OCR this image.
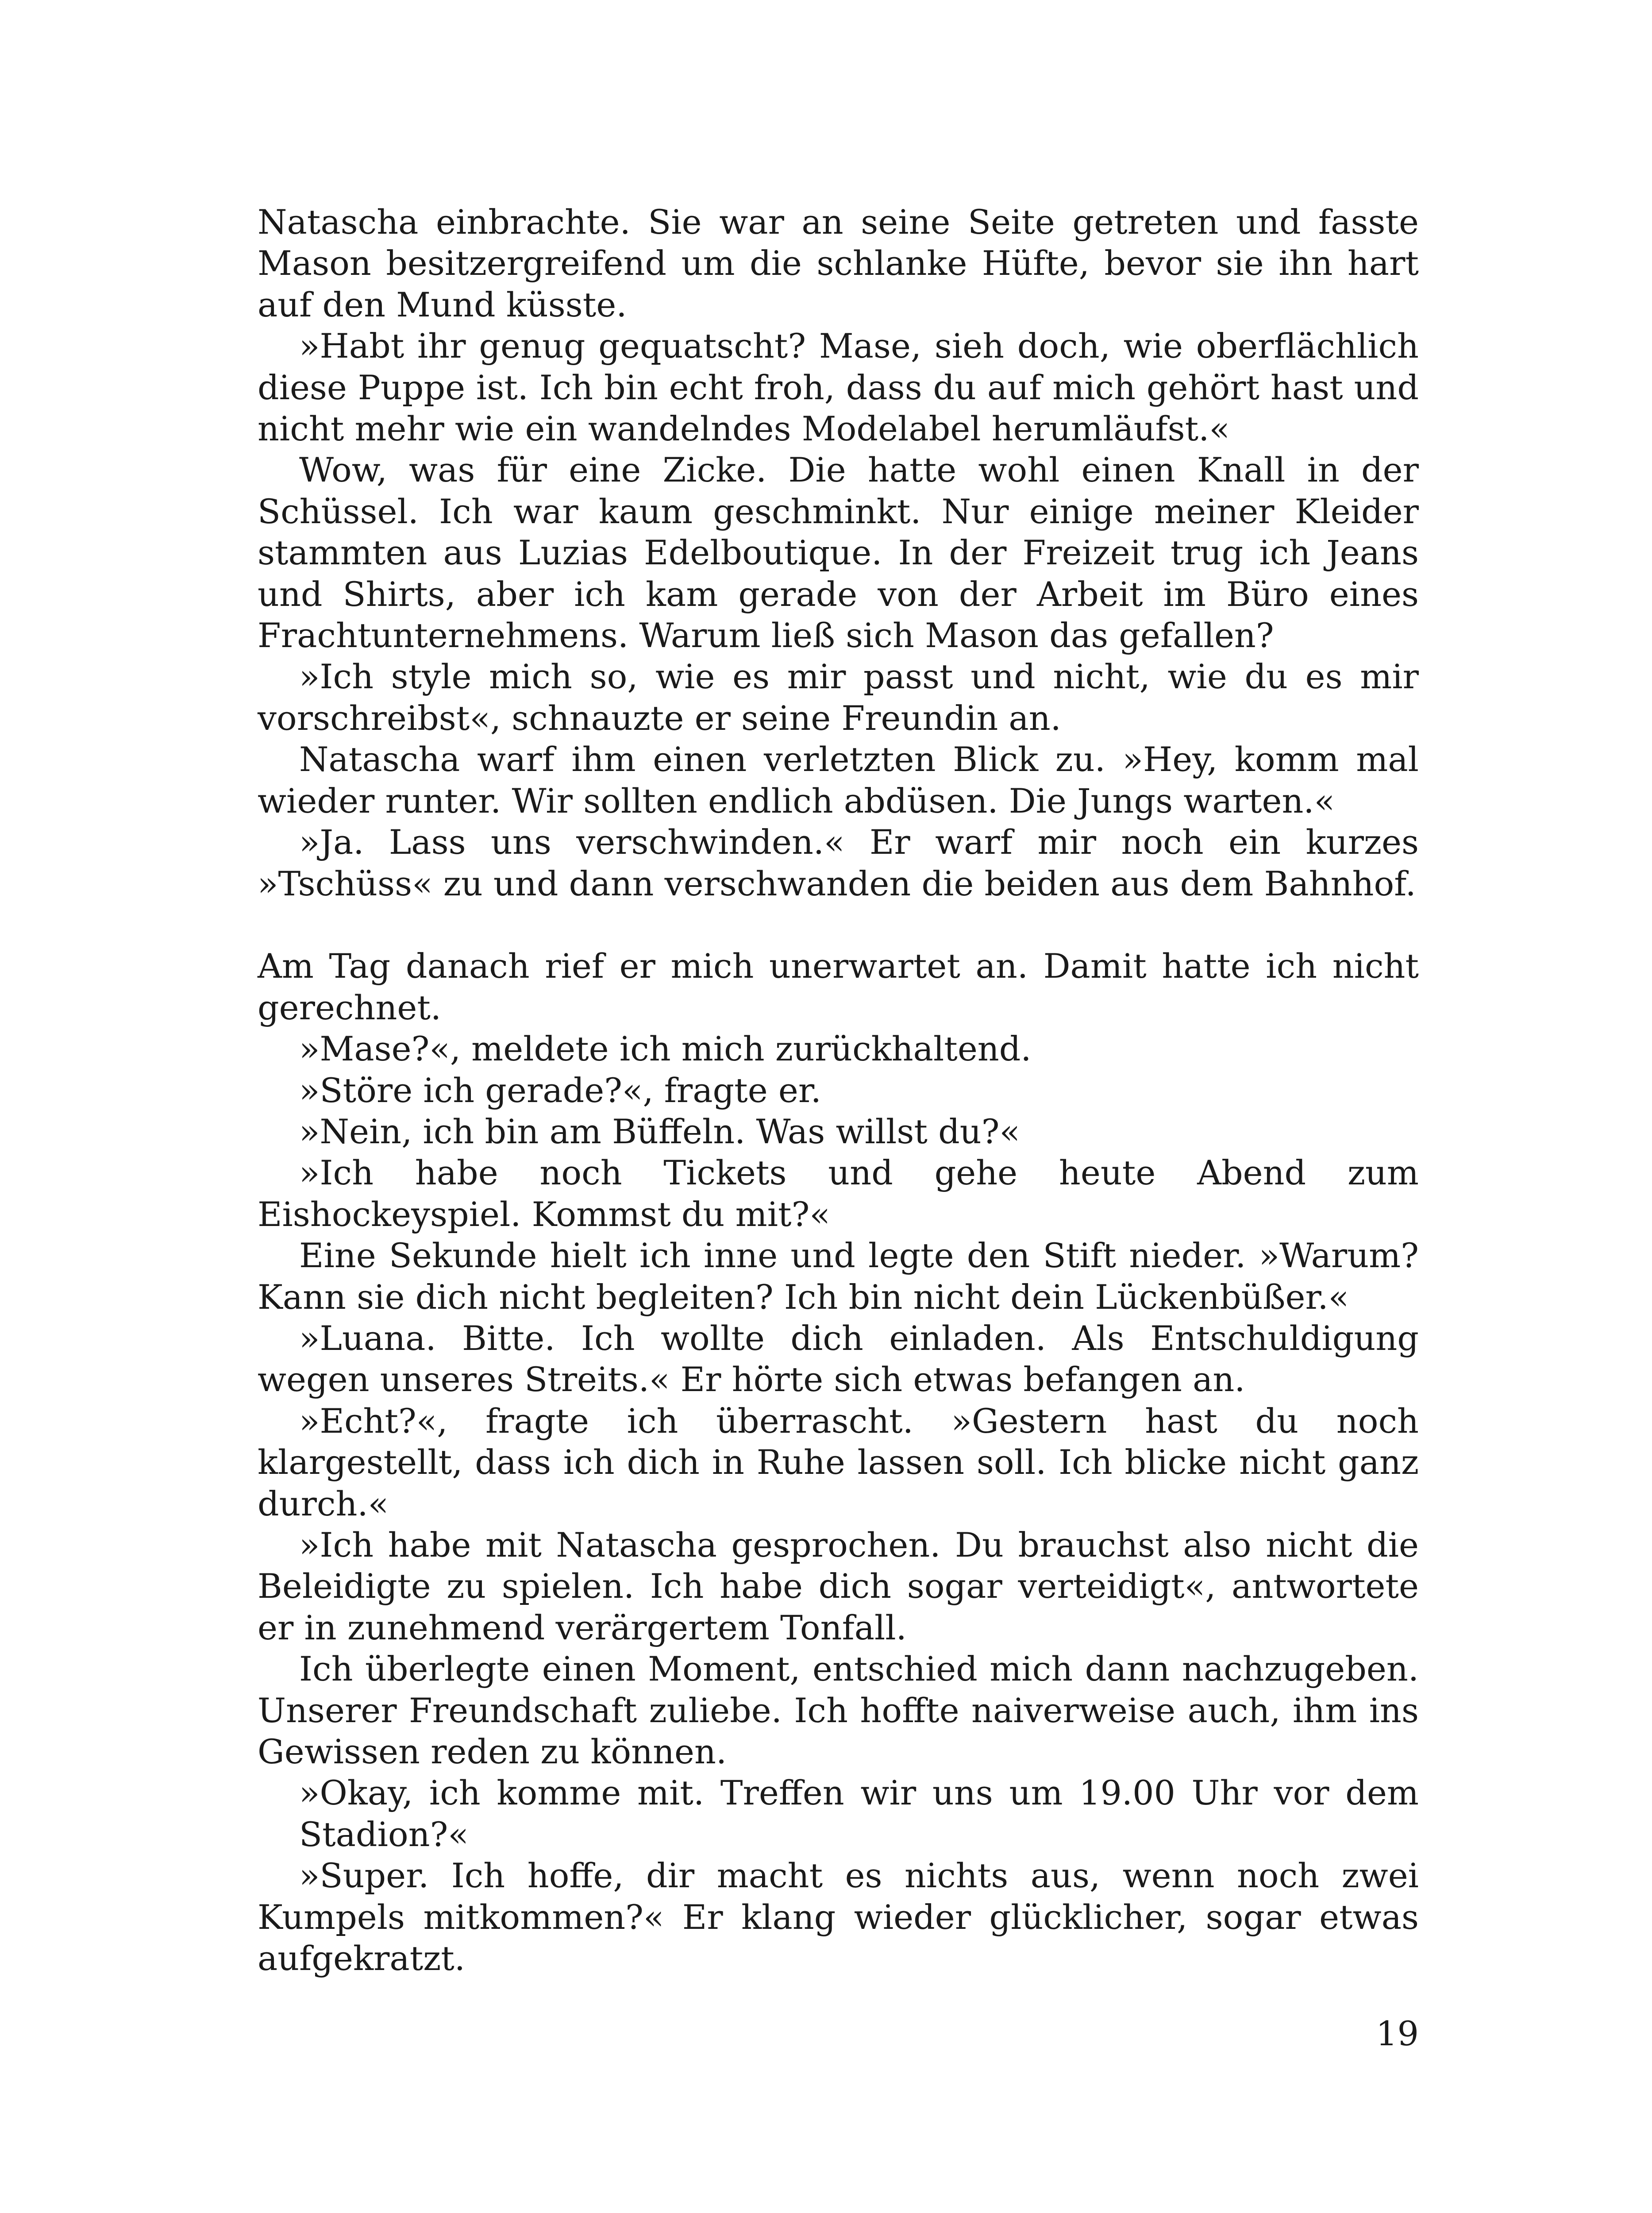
Natascha einbrachte. Sie war an seine Seite getreten und fasste Mason besitzergreifend um die schlanke Hüfte, bevor sie ihn hart auf den Mund küsste.

»Habt ihr genug gequatscht? Mase, sieh doch, wie oberflächlich diese Puppe ist. Ich bin echt froh, dass du auf mich gehört hast und nicht mehr wie ein wandelndes Modelabel herumläufst.«

Wow, was für eine Zicke. Die hatte wohl einen Knall in der Schüssel. Ich war kaum geschminkt. Nur einige meiner Kleider stammten aus Luzias Edelboutique. In der Freizeit trug ich Jeans und Shirts, aber ich kam gerade von der Arbeit im Büro eines Frachtunternehmens. Warum ließ sich Mason das gefallen?

»Ich style mich so, wie es mir passt und nicht, wie du es mir vorschreibst«, schnauzte er seine Freundin an.

Natascha warf ihm einen verletzten Blick zu. »Hey, komm mal wieder runter. Wir sollten endlich abdüsen. Die Jungs warten.«

»Ja. Lass uns verschwinden.« Er warf mir noch ein kurzes »Tschüss« zu und dann verschwanden die beiden aus dem Bahnhof.

Am Tag danach rief er mich unerwartet an. Damit hatte ich nicht gerechnet.

»Mase?«, meldete ich mich zurückhaltend.

»Störe ich gerade?«, fragte er.

»Nein, ich bin am Büffeln. Was willst du?«

»Ich habe noch Tickets und gehe heute Abend zum Eishockeyspiel. Kommst du mit?«

Eine Sekunde hielt ich inne und legte den Stift nieder. »Warum? Kann sie dich nicht begleiten? Ich bin nicht dein Lückenbüßer.«

»Luana. Bitte. Ich wollte dich einladen. Als Entschuldigung wegen unseres Streits.« Er hörte sich etwas befangen an.

»Echt?«, fragte ich überrascht. »Gestern hast du noch klargestellt, dass ich dich in Ruhe lassen soll. Ich blicke nicht ganz durch.«

»Ich habe mit Natascha gesprochen. Du brauchst also nicht die Beleidigte zu spielen. Ich habe dich sogar verteidigt«, antwortete er in zunehmend verärgertem Tonfall.

Ich überlegte einen Moment, entschied mich dann nachzugeben. Unserer Freundschaft zuliebe. Ich hoffte naiverweise auch, ihm ins Gewissen reden zu können.

»Okay, ich komme mit. Treffen wir uns um 19.00 Uhr vor dem Stadion?«

»Super. Ich hoffe, dir macht es nichts aus, wenn noch zwei Kumpels mitkommen?« Er klang wieder glücklicher, sogar etwas aufgekratzt.

19
